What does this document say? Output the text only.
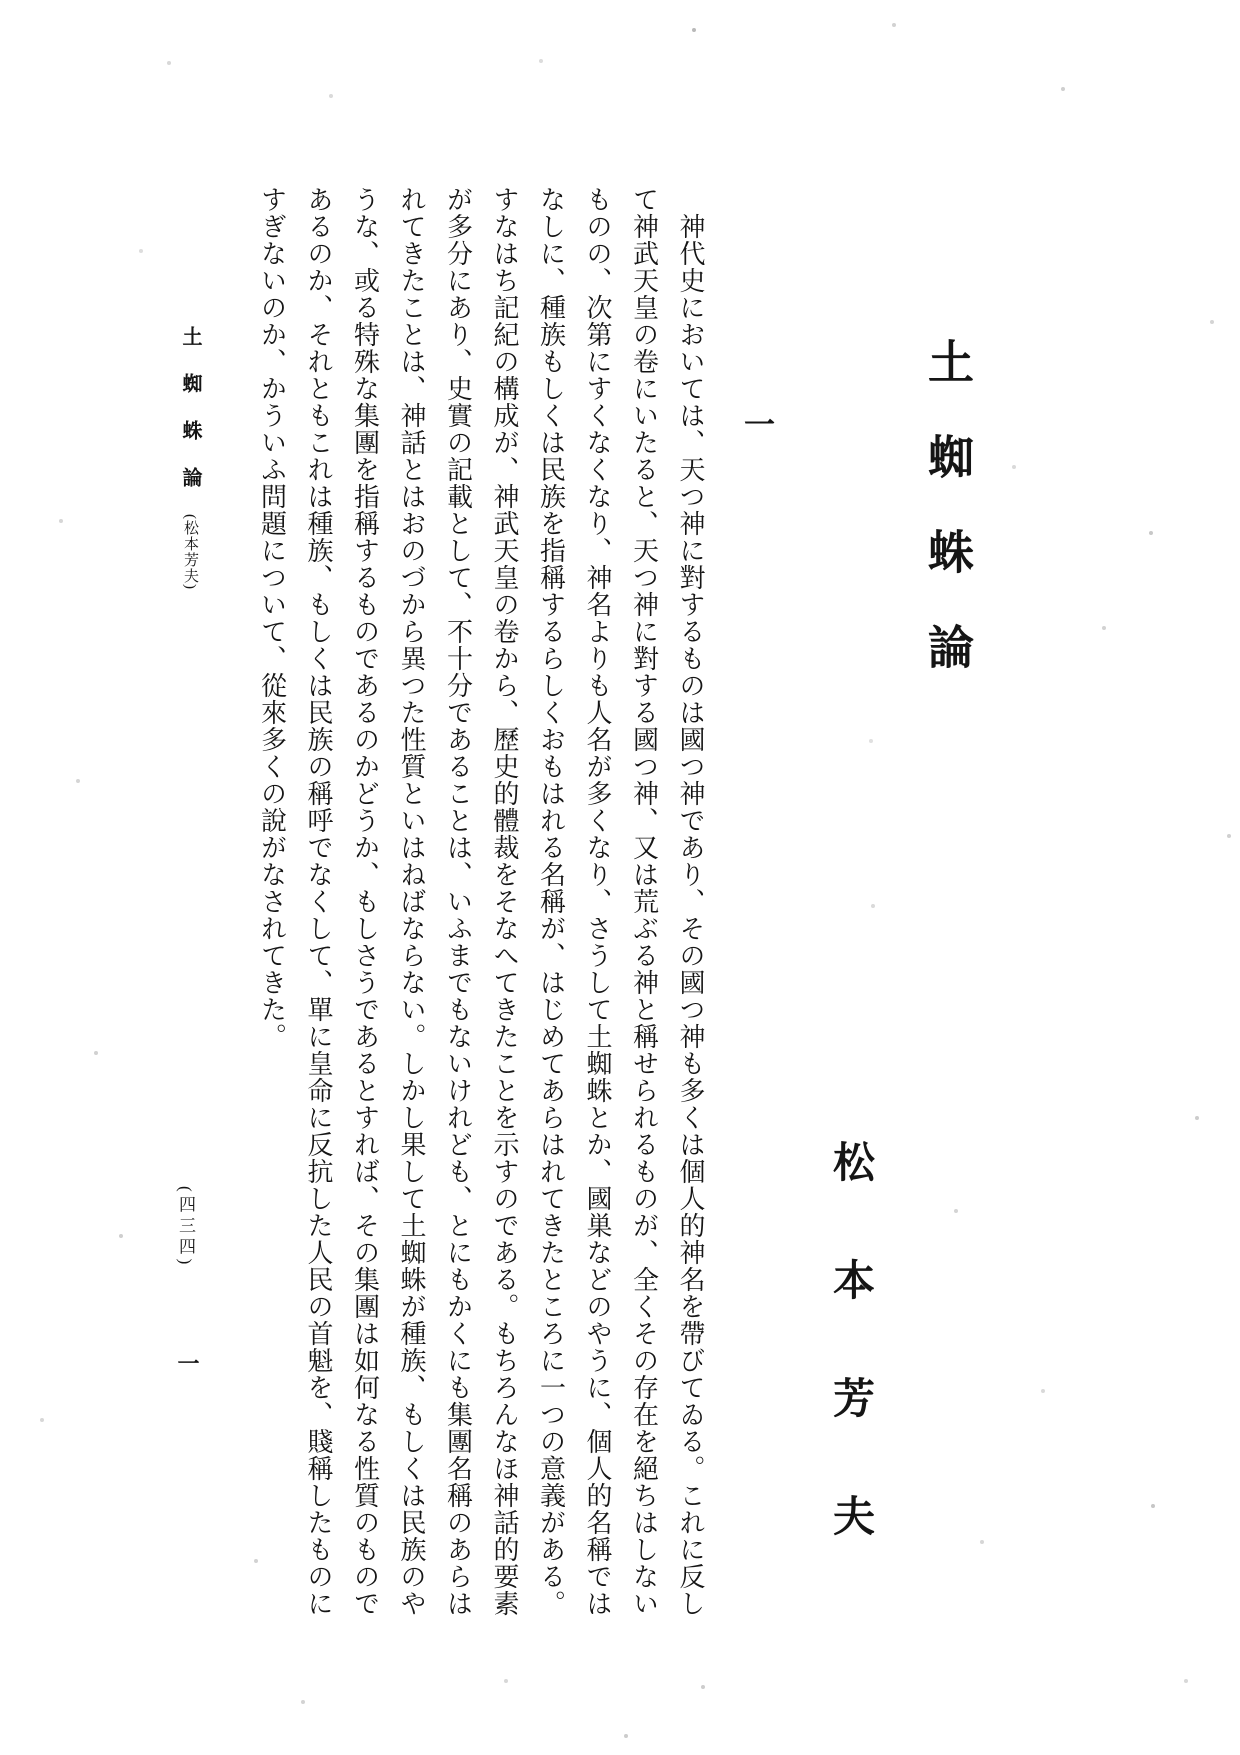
土蜘蛛論
一
松本芳夫
神代史においては、天つ神に對するものは國つ神であり、その國つ神も多くは個人的神名を帶びてゐる。これに反し
て神武天皇の卷にいたると、天つ神に對する國つ神、又は荒ぶる神と稱せられるものが、全くその存在を絕ちはしない
ものの、次第にすくなくなり、神名よりも人名が多くなり、さうして土蜘蛛とか、國巣などのやうに、個人的名稱では
なしに、種族もしくは民族を指稱するらしくおもはれる名稱が、はじめてあらはれてきたところに一つの意義がある。
すなはち記紀の構成が、神武天皇の卷から、歷史的體裁をそなへてきたことを示すのである。もちろんなほ神話的要素
が多分にあり、史實の記載として、不十分であることは、いふまでもないけれども、とにもかくにも集團名稱のあらは
れてきたことは、神話とはおのづから異つた性質といはねばならない。しかし果して土蜘蛛が種族、もしくは民族のや
うな、或る特殊な集團を指稱するものであるのかどうか、もしさうであるとすれば、その集團は如何なる性質のもので
あるのか、それともこれは種族、もしくは民族の稱呼でなくして、單に皇命に反抗した人民の首魁を、賤稱したものに
すぎないのか、かういふ問題について、從來多くの說がなされてきた。
土蜘蛛論(松本芳夫)
(四三四)
一
